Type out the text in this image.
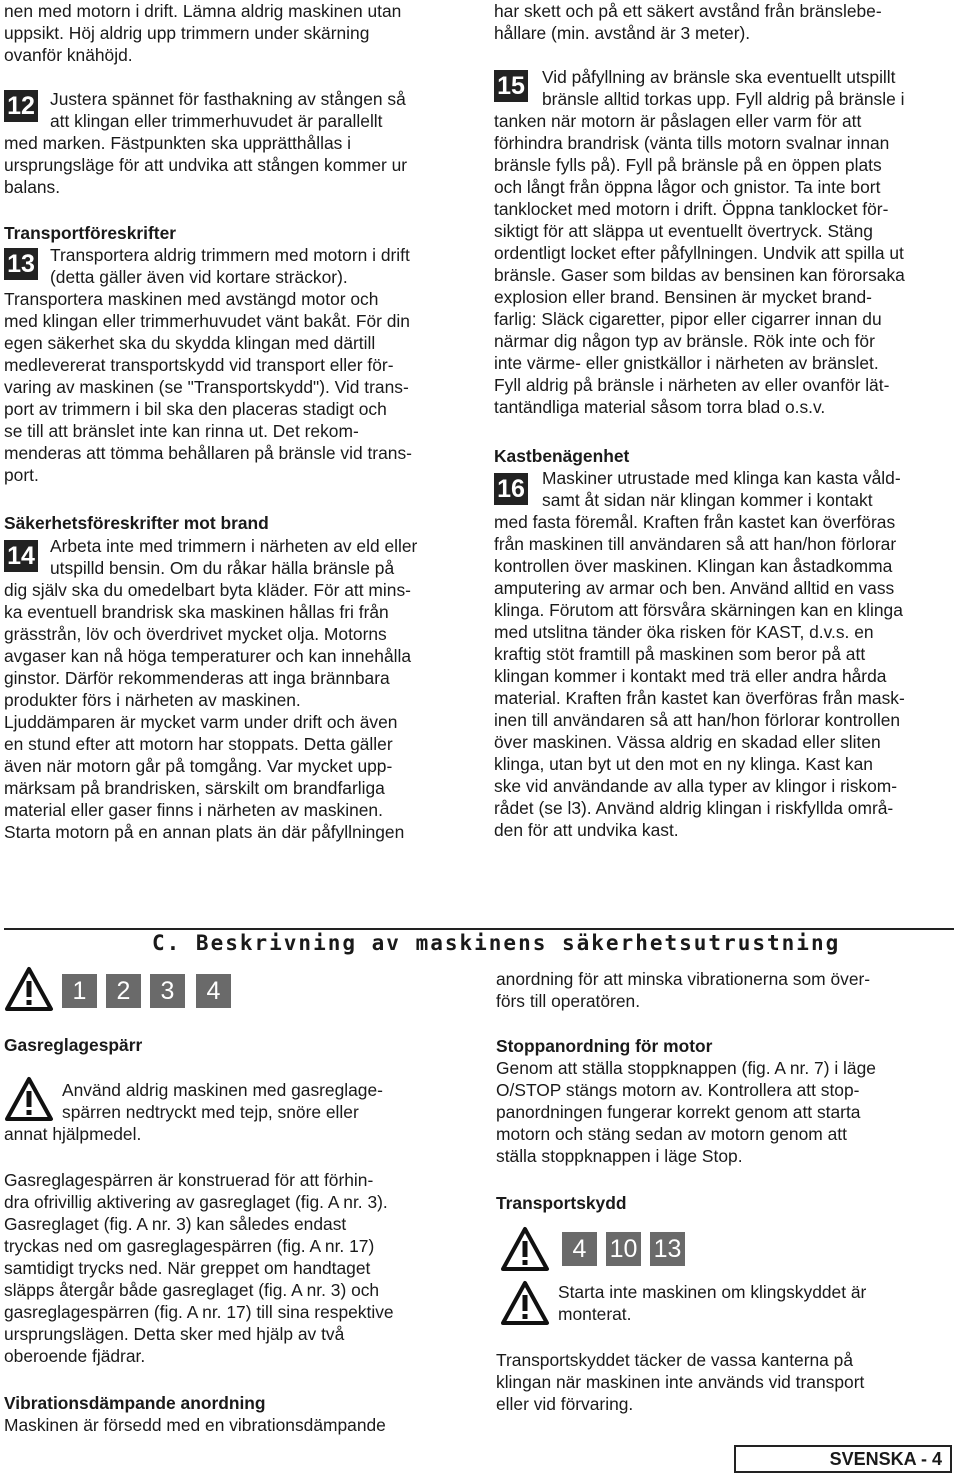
nen med motorn i drift. Lämna aldrig maskinen utan
uppsikt. Höj aldrig upp trimmern under skärning
ovanför knähöjd.
12 Justera spännet för fasthakning av stången så
att klingan eller trimmerhuvudet är parallellt
med marken. Fästpunkten ska upprätthållas i
ursprungsläge för att undvika att stången kommer ur
balans.
Transportföreskrifter
13 Transportera aldrig trimmern med motorn i drift
(detta gäller även vid kortare sträckor).
Transportera maskinen med avstängd motor och
med klingan eller trimmerhuvudet vänt bakåt. För din
egen säkerhet ska du skydda klingan med därtill
medlevererat transportskydd vid transport eller för-
varing av maskinen (se "Transportskydd"). Vid trans-
port av trimmern i bil ska den placeras stadigt och
se till att bränslet inte kan rinna ut. Det rekom-
menderas att tömma behållaren på bränsle vid trans-
port.
Säkerhetsföreskrifter mot brand
14 Arbeta inte med trimmern i närheten av eld eller
utspilld bensin. Om du råkar hälla bränsle på
dig själv ska du omedelbart byta kläder. För att mins-
ka eventuell brandrisk ska maskinen hållas fri från
grässtrån, löv och överdrivet mycket olja. Motorns
avgaser kan nå höga temperaturer och kan innehålla
ginstor. Därför rekommenderas att inga brännbara
produkter förs i närheten av maskinen.
Ljuddämparen är mycket varm under drift och även
en stund efter att motorn har stoppats. Detta gäller
även när motorn går på tomgång. Var mycket upp-
märksam på brandrisken, särskilt om brandfarliga
material eller gaser finns i närheten av maskinen.
Starta motorn på en annan plats än där påfyllningen
har skett och på ett säkert avstånd från bränslebe-
hållare (min. avstånd är 3 meter).
15 Vid påfyllning av bränsle ska eventuellt utspillt
bränsle alltid torkas upp. Fyll aldrig på bränsle i
tanken när motorn är påslagen eller varm för att
förhindra brandrisk (vänta tills motorn svalnar innan
bränsle fylls på). Fyll på bränsle på en öppen plats
och långt från öppna lågor och gnistor. Ta inte bort
tanklocket med motorn i drift. Öppna tanklocket för-
siktigt för att släppa ut eventuellt övertryck. Stäng
ordentligt locket efter påfyllningen. Undvik att spilla ut
bränsle. Gaser som bildas av bensinen kan förorsaka
explosion eller brand. Bensinen är mycket brand-
farlig: Släck cigaretter, pipor eller cigarrer innan du
närmar dig någon typ av bränsle. Rök inte och för
inte värme- eller gnistkällor i närheten av bränslet.
Fyll aldrig på bränsle i närheten av eller ovanför lät-
tantändliga material såsom torra blad o.s.v.
Kastbenägenhet
16 Maskiner utrustade med klinga kan kasta våld-
samt åt sidan när klingan kommer i kontakt
med fasta föremål. Kraften från kastet kan överföras
från maskinen till användaren så att han/hon förlorar
kontrollen över maskinen. Klingan kan åstadkomma
amputering av armar och ben. Använd alltid en vass
klinga. Förutom att försvåra skärningen kan en klinga
med utslitna tänder öka risken för KAST, d.v.s. en
kraftig stöt framtill på maskinen som beror på att
klingan kommer i kontakt med trä eller andra hårda
material. Kraften från kastet kan överföras från mask-
inen till användaren så att han/hon förlorar kontrollen
över maskinen. Vässa aldrig en skadad eller sliten
klinga, utan byt ut den mot en ny klinga. Kast kan
ske vid användande av alla typer av klingor i riskom-
rådet (se l3). Använd aldrig klingan i riskfyllda områ-
den för att undvika kast.
C. Beskrivning av maskinens säkerhetsutrustning
1	2	3	4
Gasreglagespärr
Använd aldrig maskinen med gasreglage-
spärren nedtryckt med tejp, snöre eller
annat hjälpmedel.
Gasreglagespärren är konstruerad för att förhin-
dra ofrivillig aktivering av gasreglaget (fig. A nr. 3).
Gasreglaget (fig. A nr. 3) kan således endast
tryckas ned om gasreglagespärren (fig. A nr. 17)
samtidigt trycks ned. När greppet om handtaget
släpps återgår både gasreglaget (fig. A nr. 3) och
gasreglagespärren (fig. A nr. 17) till sina respektive
ursprungslägen. Detta sker med hjälp av två
oberoende fjädrar.
Vibrationsdämpande anordning
Maskinen är försedd med en vibrationsdämpande
anordning för att minska vibrationerna som över-
förs till operatören.
Stoppanordning för motor
Genom att ställa stoppknappen (fig. A nr. 7) i läge
O/STOP stängs motorn av. Kontrollera att stop-
panordningen fungerar korrekt genom att starta
motorn och stäng sedan av motorn genom att
ställa stoppknappen i läge Stop.
Transportskydd
4 10 13
Starta inte maskinen om klingskyddet är
monterat.
Transportskyddet täcker de vassa kanterna på
klingan när maskinen inte används vid transport
eller vid förvaring.
SVENSKA - 4
